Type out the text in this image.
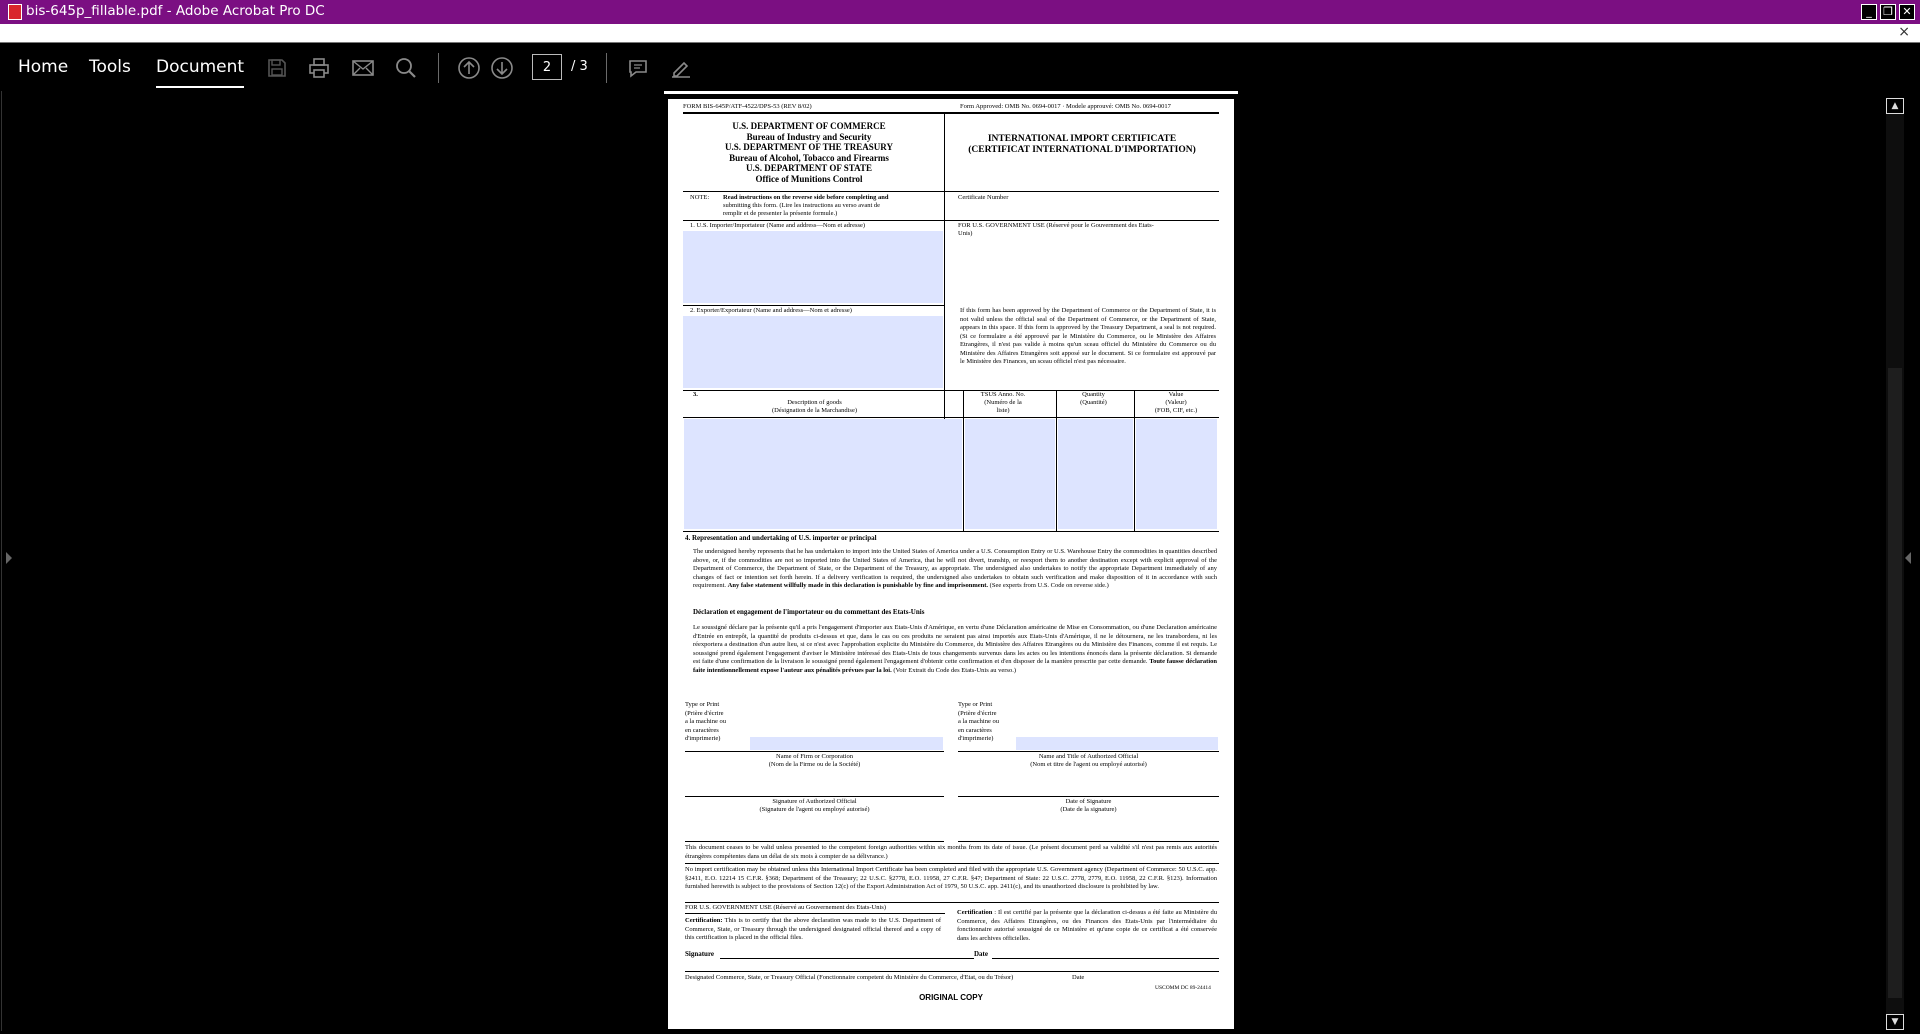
bis-645p_fillable.pdf - Adobe Acrobat Pro DC	_	❐ ✕
×
Home Tools Document	2	/ 3
▲
▼
FORM BIS-645P/ATF-4522/DPS-53 (REV 8/02)	Form Approved: OMB No. 0694-0017 · Modele approuvé: OMB No. 0694-0017
U.S. DEPARTMENT OF COMMERCE
Bureau of Industry and Security
U.S. DEPARTMENT OF THE TREASURY
Bureau of Alcohol, Tobacco and Firearms
U.S. DEPARTMENT OF STATE
Office of Munitions Control
INTERNATIONAL IMPORT CERTIFICATE
(CERTIFICAT INTERNATIONAL D'IMPORTATION)
NOTE: Read instructions on the reverse side before completing and
submitting this form. (Lire les instructions au verso avant de
remplir et de presenter la présente formule.)
Certificate Number
1. U.S. Importer/Importateur (Name and address—Nom et adresse)	FOR U.S. GOVERNMENT USE (Réservé pour le Gouvernment des Etats-
Unis)
2. Exporter/Exportateur (Name and address—Nom et adresse)	If this form has been approved by the Department of Commerce or the Department of State, it is not valid unless the official seal of the Department of Commerce, or the Department of State, appears in this space. If this form is approved by the Treasury Department, a seal is not required. (Si ce formulaire a été approuvé par le Ministère du Commerce, ou le Ministère des Affaires Etrangères, il n'est pas valide à moins qu'un sceau officiel du Ministère du Commerce ou du Ministère des Affaires Etrangères soit apposé sur le document. Si ce formulaire est approuvé par le Ministère des Finances, un sceau officiel n'est pas nécessaire.
3.
Description of goods
(Désignation de la Marchandise)
TSUS Anno. No.
(Numéro de la
liste)
Quantity
(Quantité)
Value
(Valeur)
(FOB, CIF, etc.)
4. Representation and undertaking of U.S. importer or principal
The undersigned hereby represents that he has undertaken to import into the United States of America under a U.S. Consumption Entry or U.S. Warehouse Entry the commodities in quantities described above, or, if the commodities are not so imported into the United States of America, that he will not divert, tranship, or reexport them to another destination except with explicit approval of the Department of Commerce, the Department of State, or the Department of the Treasury, as appropriate. The undersigned also undertakes to notify the appropriate Department immediately of any changes of fact or intention set forth herein. If a delivery verification is required, the undersigned also undertakes to obtain such verification and make disposition of it in accordance with such requirement. Any false statement willfully made in this declaration is punishable by fine and imprisonment. (See experts from U.S. Code on reverse side.)
Déclaration et engagement de l'importateur ou du commettant des Etats-Unis
Le soussigné déclare par la présente qu'il a pris l'engagement d'importer aux Etats-Unis d'Amérique, en vertu d'une Déclaration américaine de Mise en Consommation, ou d'une Declaration américaine d'Entrée en entrepôt, la quantité de produits ci-dessus et que, dans le cas ou ces produits ne seraient pas ainsi importés aux Etats-Unis d'Amérique, il ne le détournera, ne les transbordera, ni les réexportera a destination d'un autre lieu, si ce n'est avec l'approbation explicite du Ministère du Commerce, du Ministère des Affaires Etrangères ou du Ministère des Finances, comme il est requis. Le soussigné prend également l'engagement d'aviser le Ministère intéressé des Etats-Unis de tous changements survenus dans les actes ou les intentions énoncés dans la présente déclaration. Si demande est faite d'une confirmation de la livraison le soussigné prend également l'engagement d'obtenir cette confirmation et d'en disposer de la manière prescrite par cette demande. Toute fausse déclaration faite intentionnellement expose l'auteur aux pénalités prévues par la loi. (Voir Extrait du Code des Etats-Unis au verso.)
Type or Print
(Prière d'écrire
a la machine ou
en caractères
d'imprimerie)
Name of Firm or Corporation
(Nom de la Firme ou de la Société)
Type or Print
(Prière d'écrire
a la machine ou
en caractères
d'imprimerie)
Name and Title of Authorized Official
(Nom et titre de l'agent ou employé autorisé)
Signature of Authorized Official
(Signature de l'agent ou employé autorisé)
Date of Signature
(Date de la signature)
This document ceases to be valid unless presented to the competent foreign authorities within six months from its date of issue. (Le présent document perd sa validité s'il n'est pas remis aux autorités étrangères compétentes dans un délai de six mois à compter de sa délivrance.)
No import certification may be obtained unless this International Import Certificate has been completed and filed with the appropriate U.S. Government agency (Department of Commerce: 50 U.S.C. app. §2411, E.O. 12214 15 C.F.R. §368; Department of the Treasury; 22 U.S.C. §2778, E.O. 11958, 27 C.F.R. §47; Department of State: 22 U.S.C. 2778, 2779, E.O. 11958, 22 C.F.R. §123). Information furnished herewith is subject to the provisions of Section 12(c) of the Export Administration Act of 1979, 50 U.S.C. app. 2411(c), and its unauthorized disclosure is prohibited by law.
FOR U.S. GOVERNMENT USE (Réservé au Gouvernement des Etats-Unis)
Certification: This is to certify that the above declaration was made to the U.S. Department of Commerce, State, or Treasury through the undersigned designated official thereof and a copy of this certification is placed in the official files.
Certification : Il est certifié par la présente que la déclaration ci-dessus a été faite au Ministère du Commerce, des Affaires Etrangères, ou des Finances des Etats-Unis par l'intermédiaire du fonctionnaire autorisé soussigné de ce Ministère et qu'une copie de ce certificat a été conservée dans les archives officielles.
Signature	Date
Designated Commerce, State, or Treasury Official (Fonctionnaire competent du Ministère du Commerce, d'Etat, ou du Trésor)	Date
USCOMM DC 89-24414
ORIGINAL COPY
